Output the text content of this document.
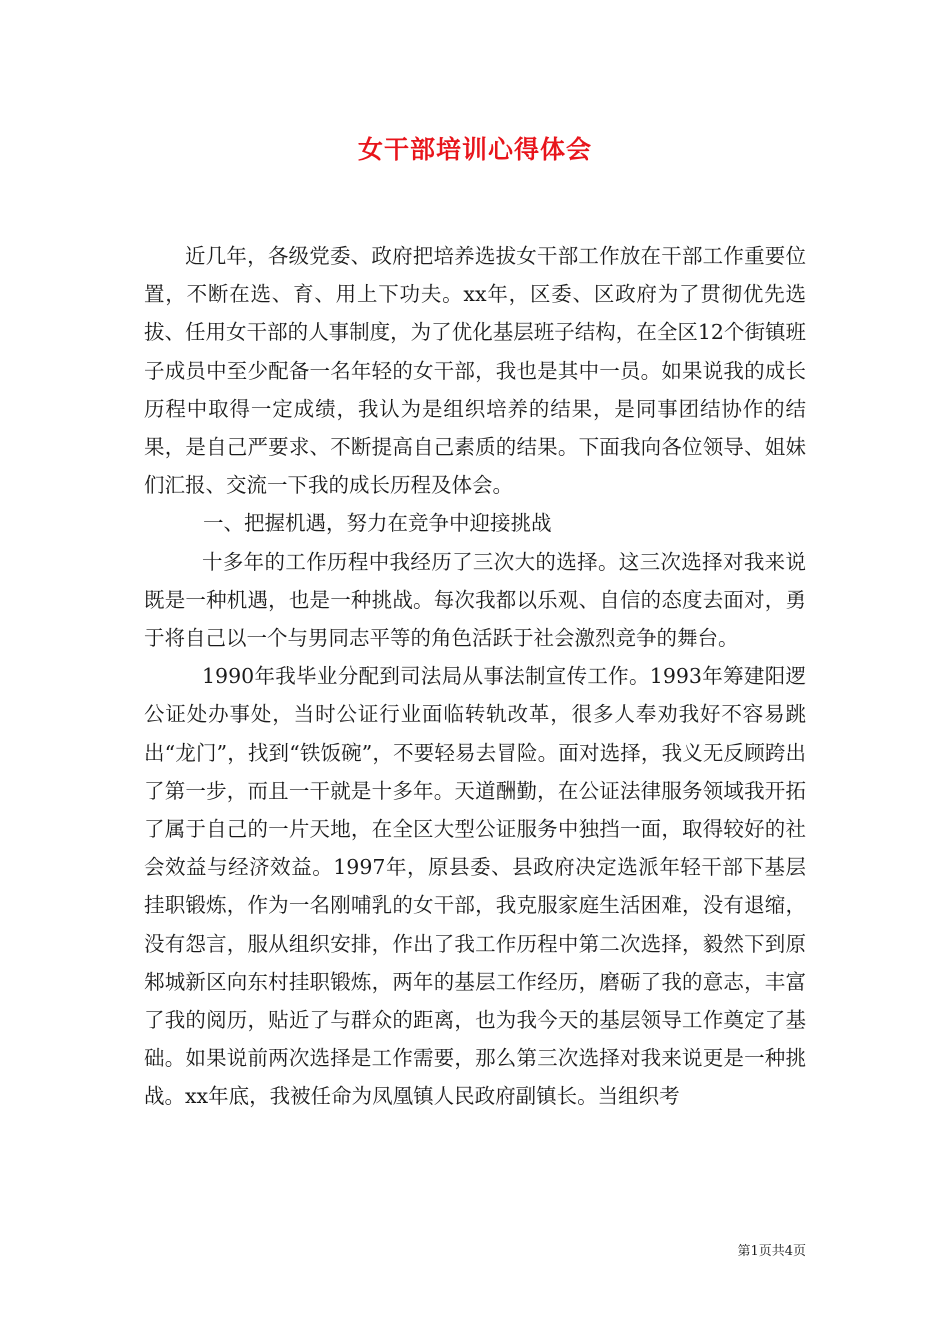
女干部培训心得体会

近几年，各级党委、政府把培养选拔女干部工作放在干部工作重要位置，不断在选、育、用上下功夫。xx年，区委、区政府为了贯彻优先选拔、任用女干部的人事制度，为了优化基层班子结构，在全区12个街镇班子成员中至少配备一名年轻的女干部，我也是其中一员。如果说我的成长历程中取得一定成绩，我认为是组织培养的结果，是同事团结协作的结果，是自己严要求、不断提高自己素质的结果。下面我向各位领导、姐妹们汇报、交流一下我的成长历程及体会。

一、把握机遇，努力在竞争中迎接挑战

十多年的工作历程中我经历了三次大的选择。这三次选择对我来说既是一种机遇，也是一种挑战。每次我都以乐观、自信的态度去面对，勇于将自己以一个与男同志平等的角色活跃于社会激烈竞争的舞台。

1990年我毕业分配到司法局从事法制宣传工作。1993年筹建阳逻公证处办事处，当时公证行业面临转轨改革，很多人奉劝我好不容易跳出“龙门”，找到“铁饭碗”，不要轻易去冒险。面对选择，我义无反顾跨出了第一步，而且一干就是十多年。天道酬勤，在公证法律服务领域我开拓了属于自己的一片天地，在全区大型公证服务中独挡一面，取得较好的社会效益与经济效益。1997年，原县委、县政府决定选派年轻干部下基层挂职锻炼，作为一名刚哺乳的女干部，我克服家庭生活困难，没有退缩，没有怨言，服从组织安排，作出了我工作历程中第二次选择，毅然下到原邾城新区向东村挂职锻炼，两年的基层工作经历，磨砺了我的意志，丰富了我的阅历，贴近了与群众的距离，也为我今天的基层领导工作奠定了基础。如果说前两次选择是工作需要，那么第三次选择对我来说更是一种挑战。xx年底，我被任命为凤凰镇人民政府副镇长。当组织考

第1页共4页
